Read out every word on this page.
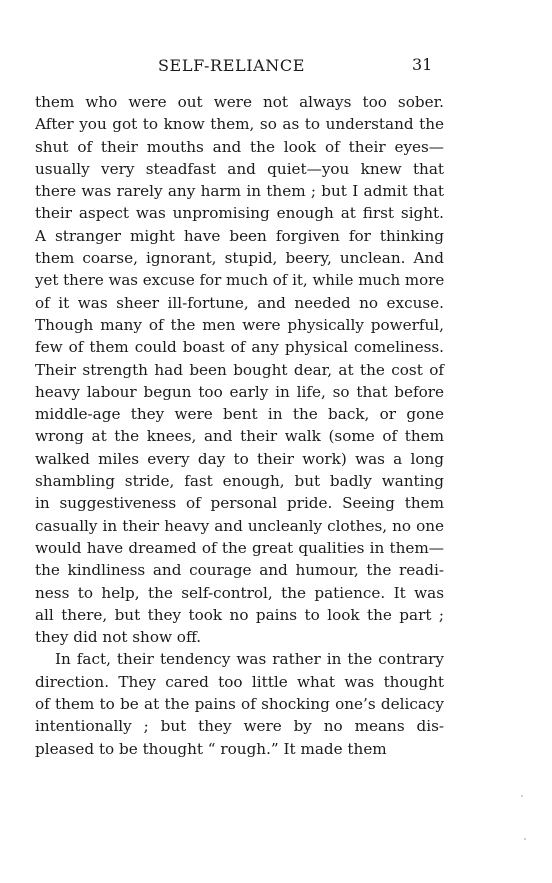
SELF-RELIANCE	31
them who were out were not always too sober.
After you got to know them, so as to understand the
shut of their mouths and the look of their eyes—
usually very steadfast and quiet—you knew that
there was rarely any harm in them ; but I admit that
their aspect was unpromising enough at first sight.
A stranger might have been forgiven for thinking
them coarse, ignorant, stupid, beery, unclean. And
yet there was excuse for much of it, while much more
of it was sheer ill-fortune, and needed no excuse.
Though many of the men were physically powerful,
few of them could boast of any physical comeliness.
Their strength had been bought dear, at the cost of
heavy labour begun too early in life, so that before
middle-age they were bent in the back, or gone
wrong at the knees, and their walk (some of them
walked miles every day to their work) was a long
shambling stride, fast enough, but badly wanting
in suggestiveness of personal pride. Seeing them
casually in their heavy and uncleanly clothes, no one
would have dreamed of the great qualities in them—
the kindliness and courage and humour, the readi-
ness to help, the self-control, the patience. It was
all there, but they took no pains to look the part ;
they did not show off.
In fact, their tendency was rather in the contrary
direction. They cared too little what was thought
of them to be at the pains of shocking one’s delicacy
intentionally ; but they were by no means dis-
pleased to be thought “ rough.” It made them
